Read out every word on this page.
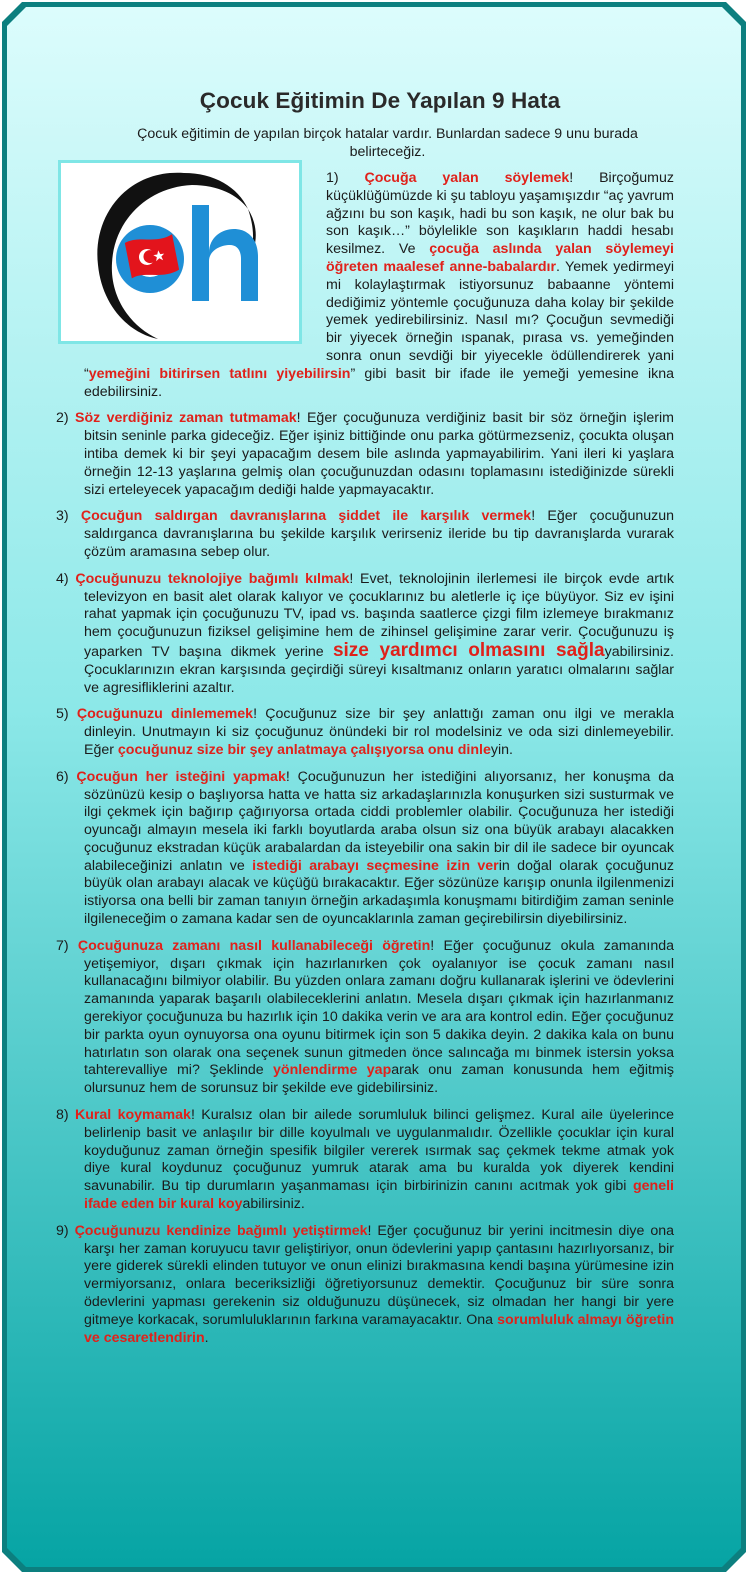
Çocuk Eğitimin De Yapılan 9 Hata

Çocuk eğitimin de yapılan birçok hatalar vardır. Bunlardan sadece 9 unu burada belirteceğiz.

1) Çocuğa yalan söylemek! Birçoğumuz küçüklüğümüzde ki şu tabloyu yaşamışızdır “aç yavrum ağzını bu son kaşık, hadi bu son kaşık, ne olur bak bu son kaşık…” böylelikle son kaşıkların haddi hesabı kesilmez. Ve çocuğa aslında yalan söylemeyi öğreten maalesef anne-babalardır. Yemek yedirmeyi mi kolaylaştırmak istiyorsunuz babaanne yöntemi dediğimiz yöntemle çocuğunuza daha kolay bir şekilde yemek yedirebilirsiniz. Nasıl mı? Çocuğun sevmediği bir yiyecek örneğin ıspanak, pırasa vs. yemeğinden sonra onun sevdiği bir yiyecekle ödüllendirerek yani “yemeğini bitirirsen tatlını yiyebilirsin” gibi basit bir ifade ile yemeği yemesine ikna edebilirsiniz.

2) Söz verdiğiniz zaman tutmamak! Eğer çocuğunuza verdiğiniz basit bir söz örneğin işlerim bitsin seninle parka gideceğiz. Eğer işiniz bittiğinde onu parka götürmezseniz, çocukta oluşan intiba demek ki bir şeyi yapacağım desem bile aslında yapmayabilirim. Yani ileri ki yaşlara örneğin 12-13 yaşlarına gelmiş olan çocuğunuzdan odasını toplamasını istediğinizde sürekli sizi erteleyecek yapacağım dediği halde yapmayacaktır.

3) Çocuğun saldırgan davranışlarına şiddet ile karşılık vermek! Eğer çocuğunuzun saldırganca davranışlarına bu şekilde karşılık verirseniz ileride bu tip davranışlarda vurarak çözüm aramasına sebep olur.

4) Çocuğunuzu teknolojiye bağımlı kılmak! Evet, teknolojinin ilerlemesi ile birçok evde artık televizyon en basit alet olarak kalıyor ve çocuklarınız bu aletlerle iç içe büyüyor. Siz ev işini rahat yapmak için çocuğunuzu TV, ipad vs. başında saatlerce çizgi film izlemeye bırakmanız hem çocuğunuzun fiziksel gelişimine hem de zihinsel gelişimine zarar verir. Çocuğunuzu iş yaparken TV başına dikmek yerine size yardımcı olmasını sağlayabilirsiniz. Çocuklarınızın ekran karşısında geçirdiği süreyi kısaltmanız onların yaratıcı olmalarını sağlar ve agresifliklerini azaltır.

5) Çocuğunuzu dinlememek! Çocuğunuz size bir şey anlattığı zaman onu ilgi ve merakla dinleyin. Unutmayın ki siz çocuğunuz önündeki bir rol modelsiniz ve oda sizi dinlemeyebilir. Eğer çocuğunuz size bir şey anlatmaya çalışıyorsa onu dinleyin.

6) Çocuğun her isteğini yapmak! Çocuğunuzun her istediğini alıyorsanız, her konuşma da sözünüzü kesip o başlıyorsa hatta ve hatta siz arkadaşlarınızla konuşurken sizi susturmak ve ilgi çekmek için bağırıp çağırıyorsa ortada ciddi problemler olabilir. Çocuğunuza her istediği oyuncağı almayın mesela iki farklı boyutlarda araba olsun siz ona büyük arabayı alacakken çocuğunuz ekstradan küçük arabalardan da isteyebilir ona sakin bir dil ile sadece bir oyuncak alabileceğinizi anlatın ve istediği arabayı seçmesine izin verin doğal olarak çocuğunuz büyük olan arabayı alacak ve küçüğü bırakacaktır. Eğer sözünüze karışıp onunla ilgilenmenizi istiyorsa ona belli bir zaman tanıyın örneğin arkadaşımla konuşmamı bitirdiğim zaman seninle ilgileneceğim o zamana kadar sen de oyuncaklarınla zaman geçirebilirsin diyebilirsiniz.

7) Çocuğunuza zamanı nasıl kullanabileceği öğretin! Eğer çocuğunuz okula zamanında yetişemiyor, dışarı çıkmak için hazırlanırken çok oyalanıyor ise çocuk zamanı nasıl kullanacağını bilmiyor olabilir. Bu yüzden onlara zamanı doğru kullanarak işlerini ve ödevlerini zamanında yaparak başarılı olabileceklerini anlatın. Mesela dışarı çıkmak için hazırlanmanız gerekiyor çocuğunuza bu hazırlık için 10 dakika verin ve ara ara kontrol edin. Eğer çocuğunuz bir parkta oyun oynuyorsa ona oyunu bitirmek için son 5 dakika deyin. 2 dakika kala on bunu hatırlatın son olarak ona seçenek sunun gitmeden önce salıncağa mı binmek istersin yoksa tahterevalliye mi? Şeklinde yönlendirme yaparak onu zaman konusunda hem eğitmiş olursunuz hem de sorunsuz bir şekilde eve gidebilirsiniz.

8) Kural koymamak! Kuralsız olan bir ailede sorumluluk bilinci gelişmez. Kural aile üyelerince belirlenip basit ve anlaşılır bir dille koyulmalı ve uygulanmalıdır. Özellikle çocuklar için kural koyduğunuz zaman örneğin spesifik bilgiler vererek ısırmak saç çekmek tekme atmak yok diye kural koydunuz çocuğunuz yumruk atarak ama bu kuralda yok diyerek kendini savunabilir. Bu tip durumların yaşanmaması için birbirinizin canını acıtmak yok gibi geneli ifade eden bir kural koyabilirsiniz.

9) Çocuğunuzu kendinize bağımlı yetiştirmek! Eğer çocuğunuz bir yerini incitmesin diye ona karşı her zaman koruyucu tavır geliştiriyor, onun ödevlerini yapıp çantasını hazırlıyorsanız, bir yere giderek sürekli elinden tutuyor ve onun elinizi bırakmasına kendi başına yürümesine izin vermiyorsanız, onlara beceriksizliği öğretiyorsunuz demektir. Çocuğunuz bir süre sonra ödevlerini yapması gerekenin siz olduğunuzu düşünecek, siz olmadan her hangi bir yere gitmeye korkacak, sorumluluklarının farkına varamayacaktır. Ona sorumluluk almayı öğretin ve cesaretlendirin.
